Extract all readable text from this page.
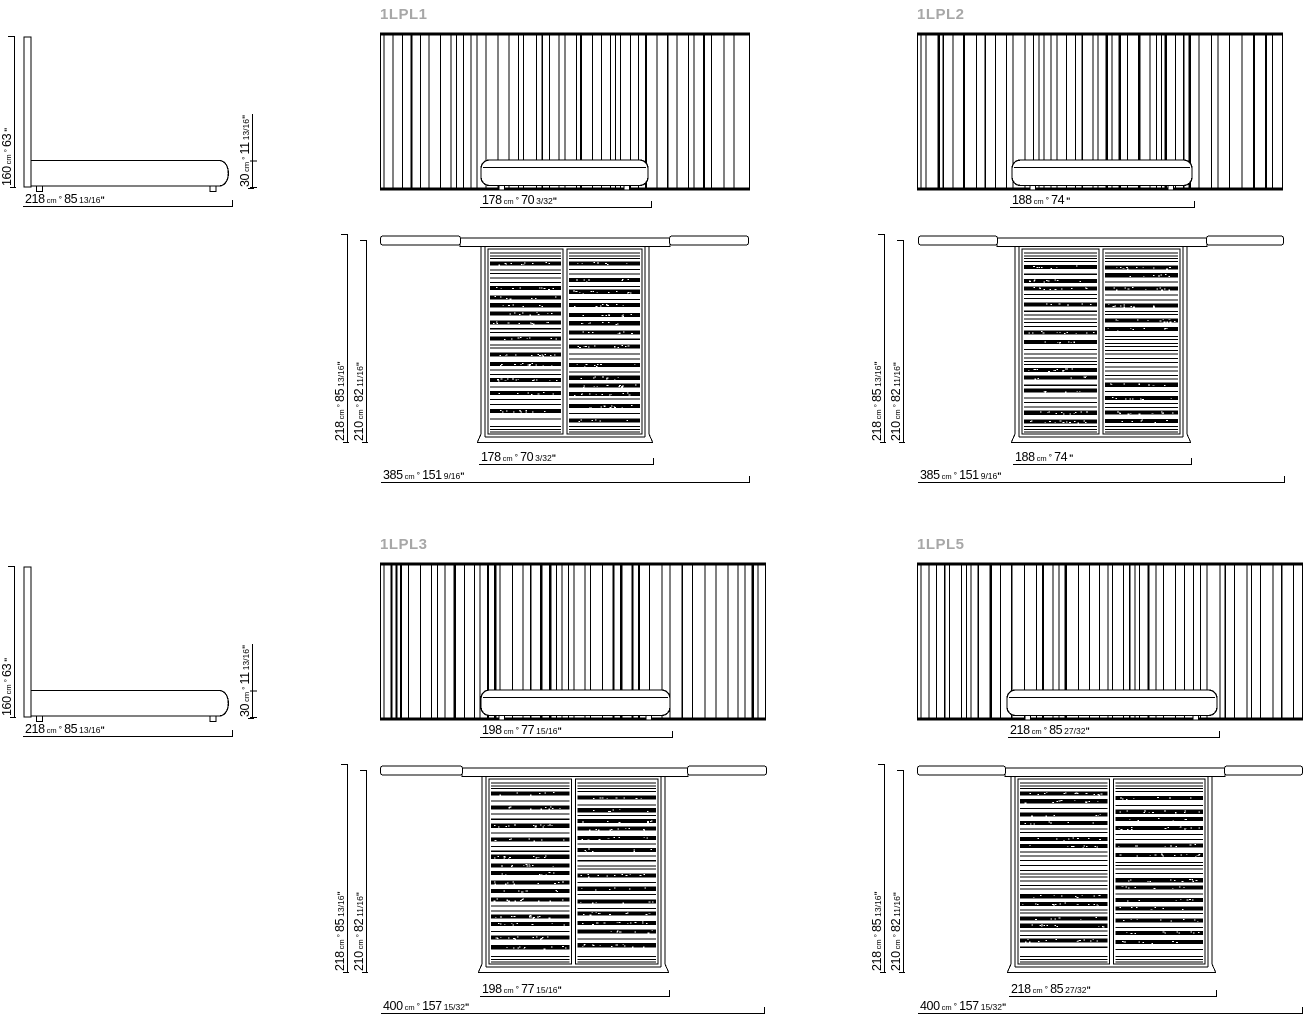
160cm°63"
30cm°1113/16"
218 cm ° 85 13/16"
160cm°63"
30cm°1113/16"
218 cm ° 85 13/16"
1LPL1
178 cm ° 70 3/32"
218cm°8513/16"
210cm°8211/16"
178 cm ° 70 3/32"
385 cm ° 151 9/16"
1LPL2
188 cm ° 74 "
218cm°8513/16"
210cm°8211/16"
188 cm ° 74 "
385 cm ° 151 9/16"
1LPL3
198 cm ° 77 15/16"
218cm°8513/16"
210cm°8211/16"
198 cm ° 77 15/16"
400 cm ° 157 15/32"
1LPL5
218 cm ° 85 27/32"
218cm°8513/16"
210cm°8211/16"
218 cm ° 85 27/32"
400 cm ° 157 15/32"
